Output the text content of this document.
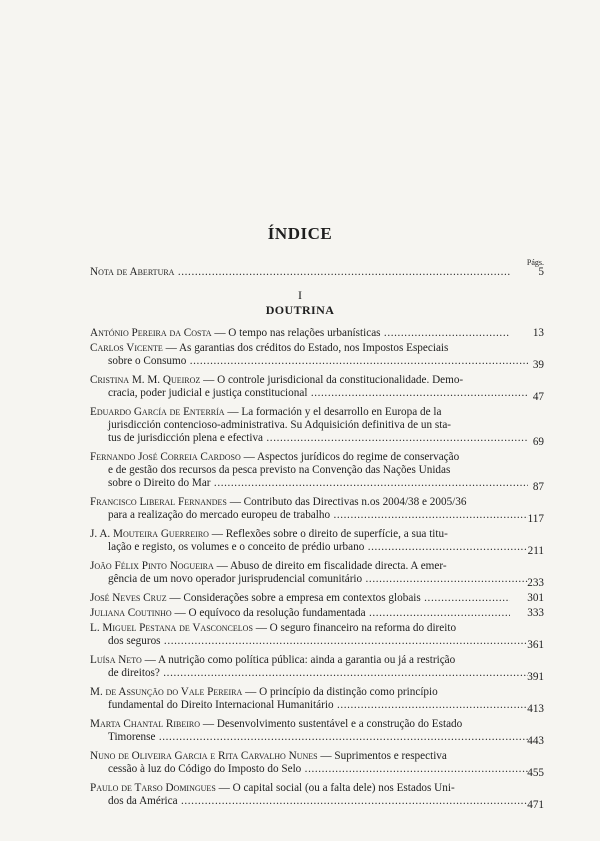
ÍNDICE
Págs.
Nota de Abertura .....	5
I
DOUTRINA
António Pereira da Costa — O tempo nas relações urbanísticas .....	13
Carlos Vicente — As garantias dos créditos do Estado, nos Impostos Especiais
sobre o Consumo .....	39
Cristina M. M. Queiroz — O controle jurisdicional da constitucionalidade. Demo-
cracia, poder judicial e justiça constitucional .....	47
Eduardo García de Enterría — La formación y el desarrollo en Europa de la
jurisdicción contencioso-administrativa. Su Adquisición definitiva de un sta-
tus de jurisdicción plena e efectiva .....	69
Fernando José Correia Cardoso — Aspectos jurídicos do regime de conservação
e de gestão dos recursos da pesca previsto na Convenção das Nações Unidas
sobre o Direito do Mar .....	87
Francisco Liberal Fernandes — Contributo das Directivas n.os 2004/38 e 2005/36
para a realização do mercado europeu de trabalho .....	117
J. A. Mouteira Guerreiro — Reflexões sobre o direito de superfície, a sua titu-
lação e registo, os volumes e o conceito de prédio urbano .....	211
João Félix Pinto Nogueira — Abuso de direito em fiscalidade directa. A emer-
gência de um novo operador jurisprudencial comunitário .....	233
José Neves Cruz — Considerações sobre a empresa em contextos globais .....	301
Juliana Coutinho — O equívoco da resolução fundamentada .....	333
L. Miguel Pestana de Vasconcelos — O seguro financeiro na reforma do direito
dos seguros .....	361
Luísa Neto — A nutrição como política pública: ainda a garantia ou já a restrição
de direitos? .....	391
M. de Assunção do Vale Pereira — O princípio da distinção como princípio
fundamental do Direito Internacional Humanitário .....	413
Marta Chantal Ribeiro — Desenvolvimento sustentável e a construção do Estado
Timorense .....	443
Nuno de Oliveira Garcia e Rita Carvalho Nunes — Suprimentos e respectiva
cessão à luz do Código do Imposto do Selo .....	455
Paulo de Tarso Domingues — O capital social (ou a falta dele) nos Estados Uni-
dos da América .....	471
